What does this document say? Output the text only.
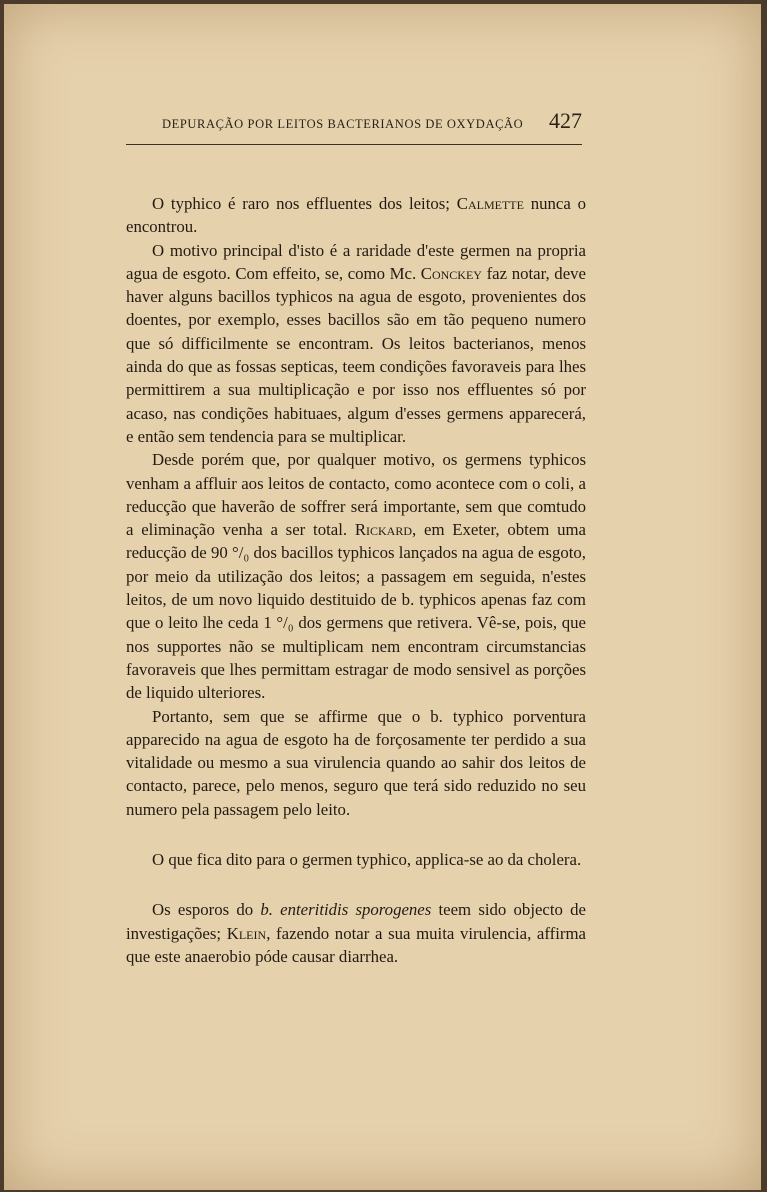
DEPURAÇÃO POR LEITOS BACTERIANOS DE OXYDAÇÃO 427

O typhico é raro nos effluentes dos leitos; Calmette nunca o encontrou.

O motivo principal d'isto é a raridade d'este germen na propria agua de esgoto. Com effeito, se, como Mc. Conckey faz notar, deve haver alguns bacillos typhicos na agua de esgoto, provenientes dos doentes, por exemplo, esses bacillos são em tão pequeno numero que só difficilmente se encontram. Os leitos bacterianos, menos ainda do que as fossas septicas, teem condições favoraveis para lhes permittirem a sua multiplicação e por isso nos effluentes só por acaso, nas condições habituaes, algum d'esses germens apparecerá, e então sem tendencia para se multiplicar.

Desde porém que, por qualquer motivo, os germens typhicos venham a affluir aos leitos de contacto, como acontece com o coli, a reducção que haverão de soffrer será importante, sem que comtudo a eliminação venha a ser total. Rickard, em Exeter, obtem uma reducção de 90 °/₀ dos bacillos typhicos lançados na agua de esgoto, por meio da utilização dos leitos; a passagem em seguida, n'estes leitos, de um novo liquido destituido de b. typhicos apenas faz com que o leito lhe ceda 1 °/₀ dos germens que retivera. Vê-se, pois, que nos supportes não se multiplicam nem encontram circumstancias favoraveis que lhes permittam estragar de modo sensivel as porções de liquido ulteriores.

Portanto, sem que se affirme que o b. typhico porventura apparecido na agua de esgoto ha de forçosamente ter perdido a sua vitalidade ou mesmo a sua virulencia quando ao sahir dos leitos de contacto, parece, pelo menos, seguro que terá sido reduzido no seu numero pela passagem pelo leito.

O que fica dito para o germen typhico, applica-se ao da cholera.

Os esporos do b. enteritidis sporogenes teem sido objecto de investigações; Klein, fazendo notar a sua muita virulencia, affirma que este anaerobio póde causar diarrhea.
